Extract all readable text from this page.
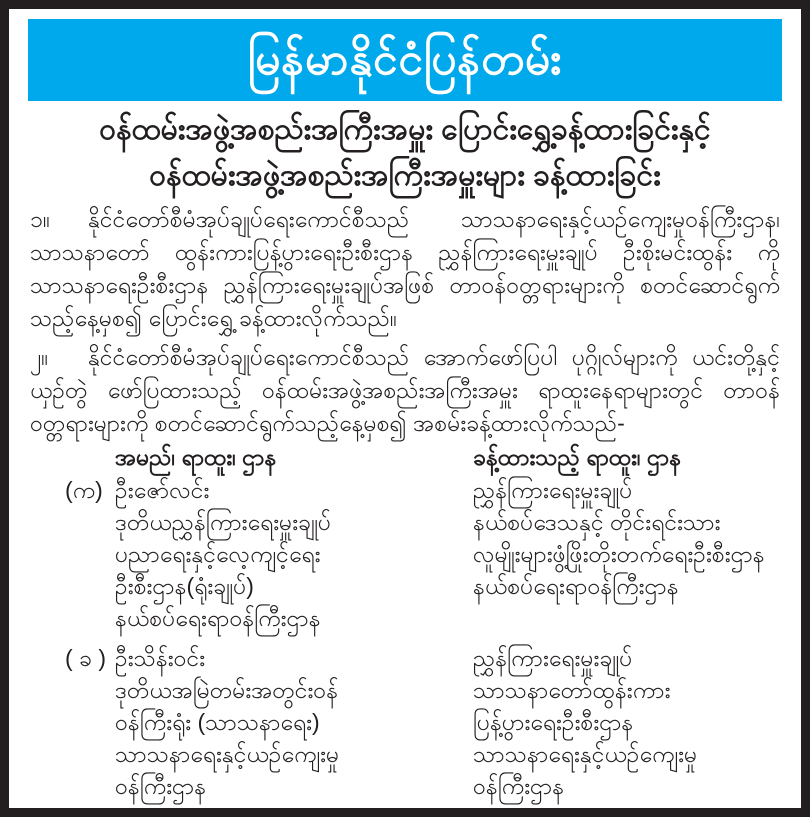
မြန်မာနိုင်ငံပြန်တမ်း
ဝန်ထမ်းအဖွဲ့အစည်းအကြီးအမှူး ပြောင်းရွှေ့ခန့်ထားခြင်းနှင့်
ဝန်ထမ်းအဖွဲ့အစည်းအကြီးအမှူးများ ခန့်ထားခြင်း

၁။ နိုင်ငံတော်စီမံအုပ်ချုပ်ရေးကောင်စီသည် သာသနာရေးနှင့်ယဉ်ကျေးမှုဝန်ကြီးဌာန၊ သာသနာတော် ထွန်းကားပြန့်ပွားရေးဦးစီးဌာန ညွှန်ကြားရေးမှူးချုပ် ဦးစိုးမင်းထွန်း ကို သာသနာရေးဦးစီးဌာန ညွှန်ကြားရေးမှူးချုပ်အဖြစ် တာဝန်ဝတ္တရားများကို စတင်ဆောင်ရွက်သည့်နေ့မှစ၍ ပြောင်းရွှေ့ ခန့်ထားလိုက်သည်။

၂။ နိုင်ငံတော်စီမံအုပ်ချုပ်ရေးကောင်စီသည် အောက်ဖော်ပြပါ ပုဂ္ဂိုလ်များကို ယင်းတို့နှင့်ယှဉ်တွဲ ဖော်ပြထားသည့် ဝန်ထမ်းအဖွဲ့အစည်းအကြီးအမှူး ရာထူးနေရာများတွင် တာဝန်ဝတ္တရားများကို စတင်ဆောင်ရွက်သည့်နေ့မှစ၍ အစမ်းခန့်ထားလိုက်သည်-

အမည်၊ ရာထူး၊ ဌာန	ခန့်ထားသည့် ရာထူး၊ ဌာန
(က) ဦးဇော်လင်း
ဒုတိယညွှန်ကြားရေးမှူးချုပ်
ပညာရေးနှင့်လေ့ကျင့်ရေး
ဦးစီးဌာန(ရုံးချုပ်)
နယ်စပ်ရေးရာဝန်ကြီးဌာန
ညွှန်ကြားရေးမှူးချုပ်
နယ်စပ်ဒေသနှင့် တိုင်းရင်းသား
လူမျိုးများဖွံ့ဖြိုးတိုးတက်ရေးဦးစီးဌာန
နယ်စပ်ရေးရာဝန်ကြီးဌာန
( ခ ) ဦးသိန်းဝင်း
ဒုတိယအမြဲတမ်းအတွင်းဝန်
ဝန်ကြီးရုံး (သာသနာရေး)
သာသနာရေးနှင့်ယဉ်ကျေးမှု
ဝန်ကြီးဌာန
ညွှန်ကြားရေးမှူးချုပ်
သာသနာတော်ထွန်းကား
ပြန့်ပွားရေးဦးစီးဌာန
သာသနာရေးနှင့်ယဉ်ကျေးမှု
ဝန်ကြီးဌာန
